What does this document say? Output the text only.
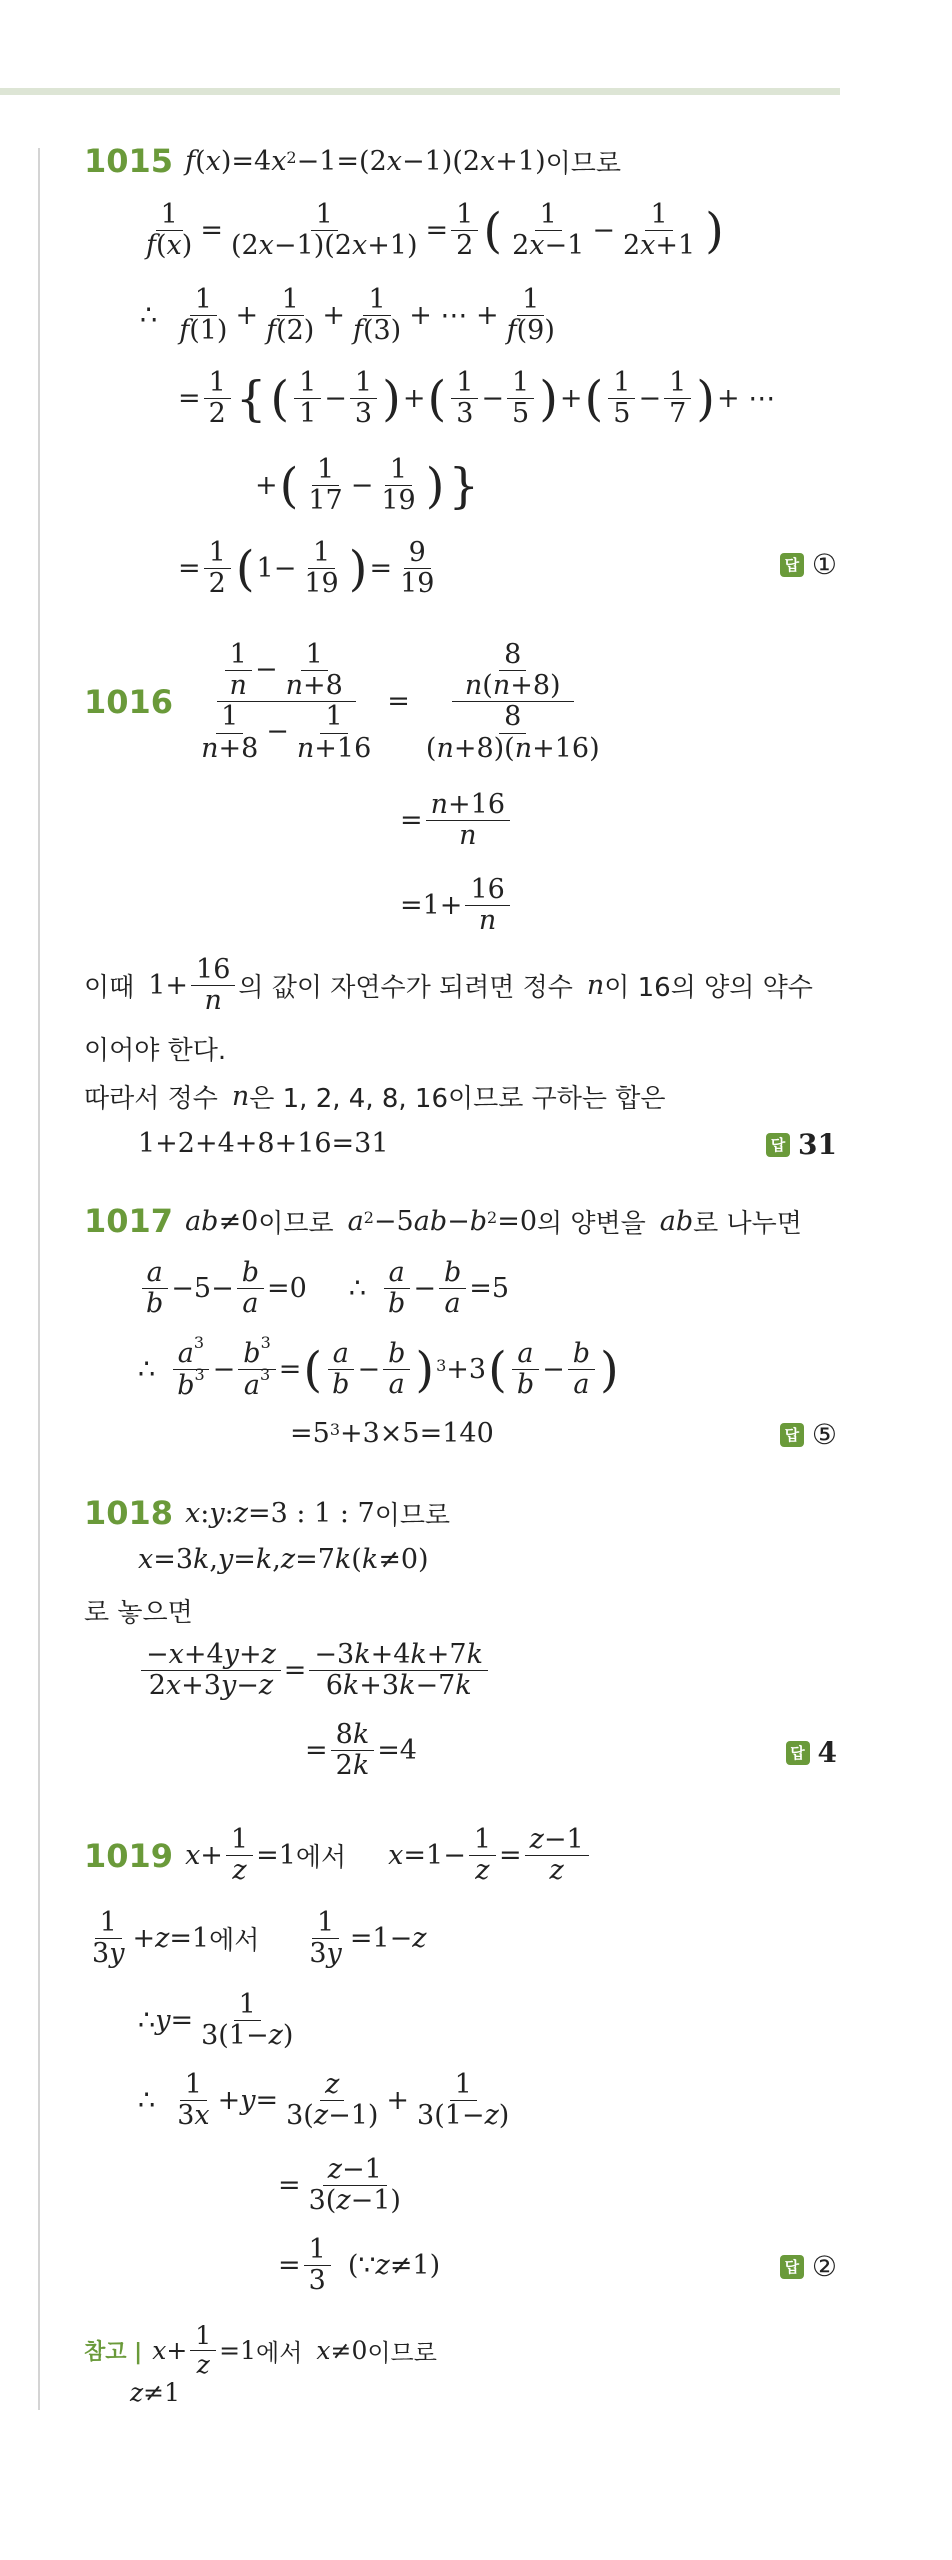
1015 f ( x )=4 x 2 −1=(2 x −1)(2 x +1) 이므로
$\frac{1}{f(x)} = \frac{1}{(2x-1)(2x+1)} = \frac{1}{2}$ ( $\frac{1}{2x-1} - \frac{1}{2x+1}$ )
∴ $\frac{1}{f(1)} + \frac{1}{f(2)} + \frac{1}{f(3)}$ + ⋯ + $\frac{1}{f(9)}$
= $\frac{1}{2}$ { ( $\frac{1}{1} - \frac{1}{3}$ ) + ( $\frac{1}{3} - \frac{1}{5}$ ) + ( $\frac{1}{5} - \frac{1}{7}$ ) + ⋯
+ ( $\frac{1}{17} - \frac{1}{19}$ ) }
= $\frac{1}{2}$ ( $1- \frac{1}{19}$ ) = $\frac{9}{19}$	답 ①
$1016 \frac{\frac{1}{n} - \frac{1}{n+8}}{\frac{1}{n+8} - \frac{1}{n+16}} = \frac{\frac{8}{n(n+8)}}{\frac{8}{(n+8)(n+16)}}$
= $\frac{n+16}{n}$
$=1+ \frac{16}{n}$
이때 $1+ \frac{16}{n}$ 의 값이 자연수가 되려면 정수 n 이 16의 양의 약수
이어야 한다.
따라서 정수 n 은 1, 2, 4, 8, 16이므로 구하는 합은
1+2+4+8+16=31	답 31
1017 ab ≠0 이므로 a 2 −5 ab − b 2 =0 의 양변을 ab 로 나누면
$\frac{a}{b} -5- \frac{b}{a} =0$ ∴ $\frac{a}{b} - \frac{b}{a} =5$
∴ $\frac{a^3}{b^3} - \frac{b^3}{a^3}$ = ( $\frac{a}{b} - \frac{b}{a}$ ) 3 +3 ( $\frac{a}{b} - \frac{b}{a}$ )
=5 3 +3×5=140	답 ⑤
1018 x : y : z =3 : 1 : 7 이므로
x =3 k , y = k , z =7 k ( k ≠0)
로 놓으면
$\frac{-x+4y+z}{2x+3y-z} = \frac{-3k+4k+7k}{6k+3k-7k}$
= $\frac{8k}{2k} =4$	답 4
1019 $x + \frac{1}{z} =1$ 에서 $x =1- \frac{1}{z} = \frac{z-1}{z}$
$\frac{1}{3y} + z =1$ 에서 $\frac{1}{3y} =1- z$
∴ $y = \frac{1}{3(1-z)}$
∴ $\frac{1}{3x} + y = \frac{z}{3(z-1)} + \frac{1}{3(1-z)}$
= $\frac{z-1}{3(z-1)}$
= $\frac{1}{3}$ (∵ z ≠1)	답 ②
참고 | $x + \frac{1}{z} =1$ 에서 x ≠0 이므로
z ≠1
